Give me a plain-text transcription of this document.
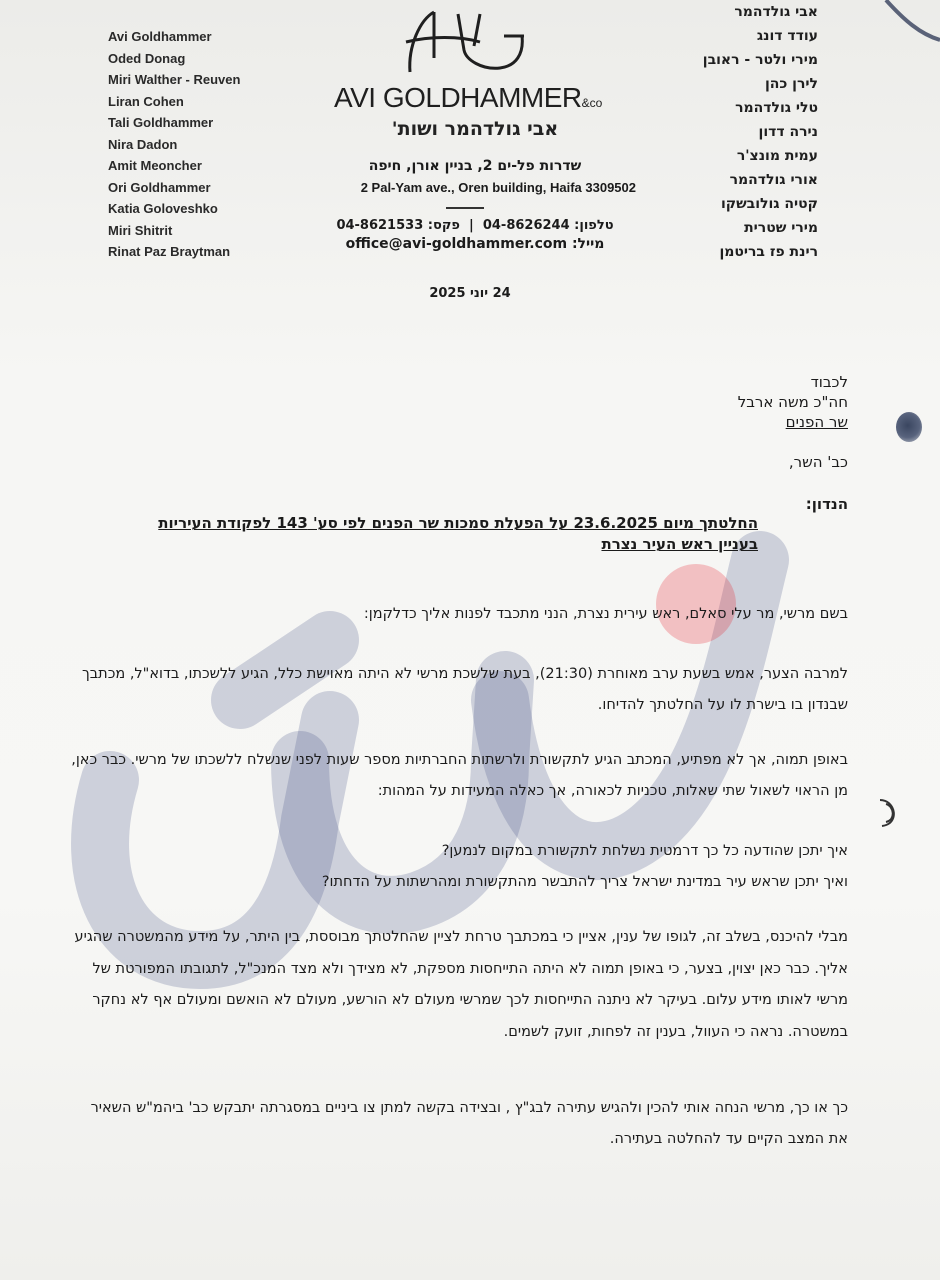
Avi Goldhammer
Oded Donag
Miri Walther - Reuven
Liran Cohen
Tali Goldhammer
Nira Dadon
Amit Meoncher
Ori Goldhammer
Katia Goloveshko
Miri Shitrit
Rinat Paz Braytman
אבי גולדהמר
עודד דונג
מירי ולטר - ראובן
לירן כהן
טלי גולדהמר
נירה דדון
עמית מונצ'ר
אורי גולדהמר
קטיה גולובשקו
מירי שטרית
רינת פז בריטמן
AVI GOLDHAMMER&co
אבי גולדהמר ושות'
שדרות פל-ים 2, בניין אורן, חיפה
2 Pal-Yam ave., Oren building, Haifa 3309502
טלפון: 04-8626244  |  פקס: 04-8621533
מייל: office@avi-goldhammer.com
24 יוני 2025
לכבוד
חה"כ משה ארבל
שר הפנים
כב' השר,
הנדון:
החלטתך מיום 23.6.2025 על הפעלת סמכות שר הפנים לפי סע' 143 לפקודת העיריות
בעניין ראש העיר נצרת
בשם מרשי, מר עלי סאלם, ראש עירית נצרת, הנני מתכבד לפנות אליך כדלקמן:
למרבה הצער, אמש בשעת ערב מאוחרת (21:30), בעת שלשכת מרשי לא היתה מאוישת כלל, הגיע ללשכתו, בדוא"ל, מכתבך שבנדון בו בישרת לו על החלטתך להדיחו.
באופן תמוה, אך לא מפתיע, המכתב הגיע לתקשורת ולרשתות החברתיות מספר שעות לפני שנשלח ללשכתו של מרשי. כבר כאן, מן הראוי לשאול שתי שאלות, טכניות לכאורה, אך כאלה המעידות על המהות:
איך יתכן שהודעה כל כך דרמטית נשלחת לתקשורת במקום לנמען?
ואיך יתכן שראש עיר במדינת ישראל צריך להתבשר מהתקשורת ומהרשתות על הדחתו?
מבלי להיכנס, בשלב זה, לגופו של ענין, אציין כי במכתבך טרחת לציין שהחלטתך מבוססת, בין היתר, על מידע מהמשטרה שהגיע אליך. כבר כאן יצוין, בצער, כי באופן תמוה לא היתה התייחסות מספקת, לא מצידך ולא מצד המנכ"ל, לתגובתו המפורטת של מרשי לאותו מידע עלום. בעיקר לא ניתנה התייחסות לכך שמרשי מעולם לא הורשע, מעולם לא הואשם ומעולם אף לא נחקר במשטרה. נראה כי העוול, בענין זה לפחות, זועק לשמים.
כך או כך, מרשי הנחה אותי להכין ולהגיש עתירה לבג"ץ , ובצידה בקשה למתן צו ביניים במסגרתה יתבקש כב' ביהמ"ש השאיר את המצב הקיים עד להחלטה בעתירה.
